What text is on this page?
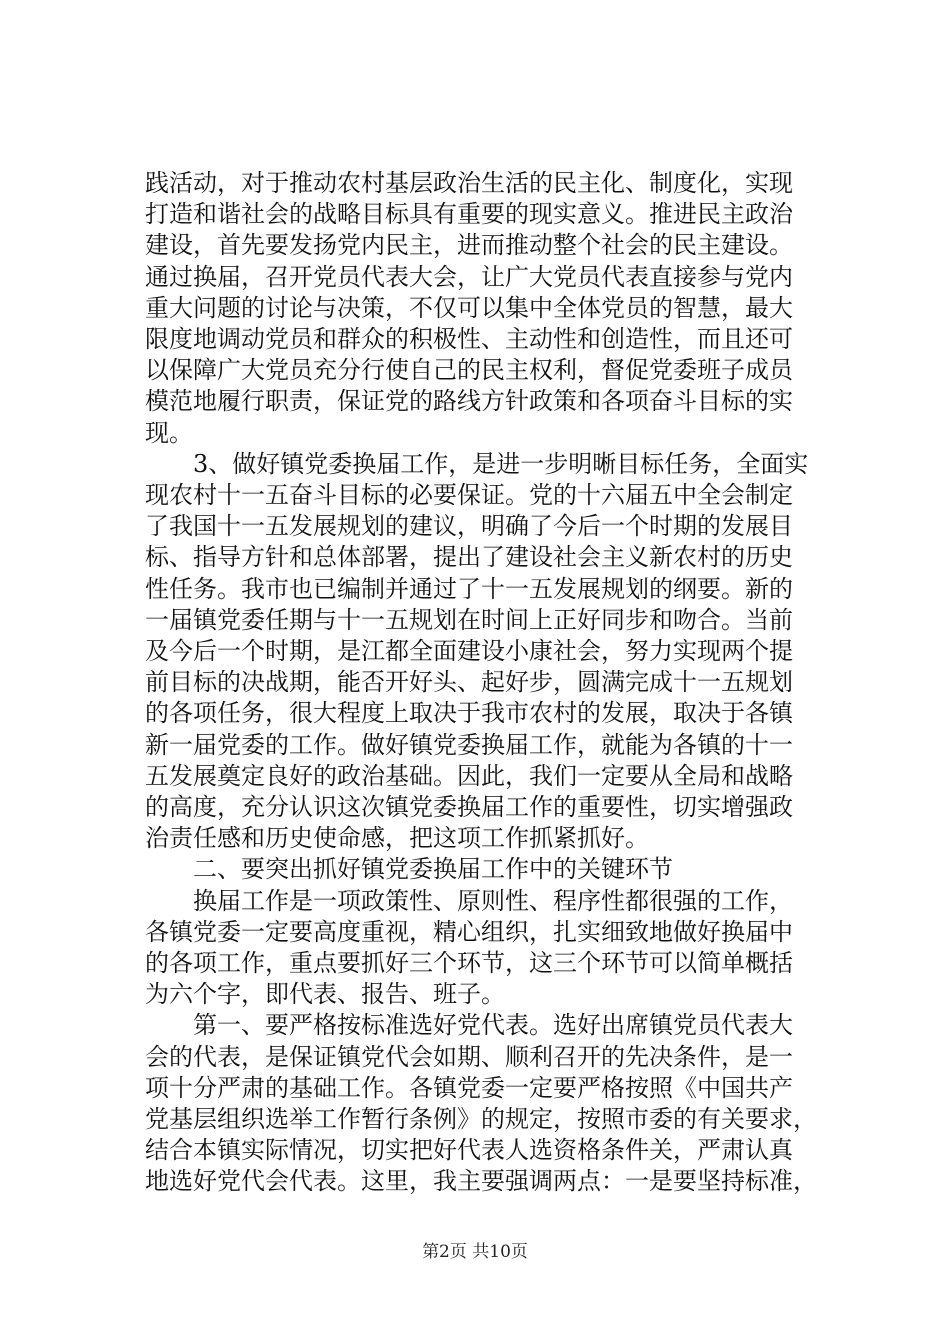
践活动，对于推动农村基层政治生活的民主化、制度化，实现
打造和谐社会的战略目标具有重要的现实意义。推进民主政治
建设，首先要发扬党内民主，进而推动整个社会的民主建设。
通过换届，召开党员代表大会，让广大党员代表直接参与党内
重大问题的讨论与决策，不仅可以集中全体党员的智慧，最大
限度地调动党员和群众的积极性、主动性和创造性，而且还可
以保障广大党员充分行使自己的民主权利，督促党委班子成员
模范地履行职责，保证党的路线方针政策和各项奋斗目标的实
现。
　　3、做好镇党委换届工作，是进一步明晰目标任务，全面实
现农村十一五奋斗目标的必要保证。党的十六届五中全会制定
了我国十一五发展规划的建议，明确了今后一个时期的发展目
标、指导方针和总体部署，提出了建设社会主义新农村的历史
性任务。我市也已编制并通过了十一五发展规划的纲要。新的
一届镇党委任期与十一五规划在时间上正好同步和吻合。当前
及今后一个时期，是江都全面建设小康社会，努力实现两个提
前目标的决战期，能否开好头、起好步，圆满完成十一五规划
的各项任务，很大程度上取决于我市农村的发展，取决于各镇
新一届党委的工作。做好镇党委换届工作，就能为各镇的十一
五发展奠定良好的政治基础。因此，我们一定要从全局和战略
的高度，充分认识这次镇党委换届工作的重要性，切实增强政
治责任感和历史使命感，把这项工作抓紧抓好。
　　二、要突出抓好镇党委换届工作中的关键环节
　　换届工作是一项政策性、原则性、程序性都很强的工作，
各镇党委一定要高度重视，精心组织，扎实细致地做好换届中
的各项工作，重点要抓好三个环节，这三个环节可以简单概括
为六个字，即代表、报告、班子。
　　第一、要严格按标准选好党代表。选好出席镇党员代表大
会的代表，是保证镇党代会如期、顺利召开的先决条件，是一
项十分严肃的基础工作。各镇党委一定要严格按照《中国共产
党基层组织选举工作暂行条例》的规定，按照市委的有关要求，
结合本镇实际情况，切实把好代表人选资格条件关，严肃认真
地选好党代会代表。这里，我主要强调两点：一是要坚持标准，
第2页 共10页
